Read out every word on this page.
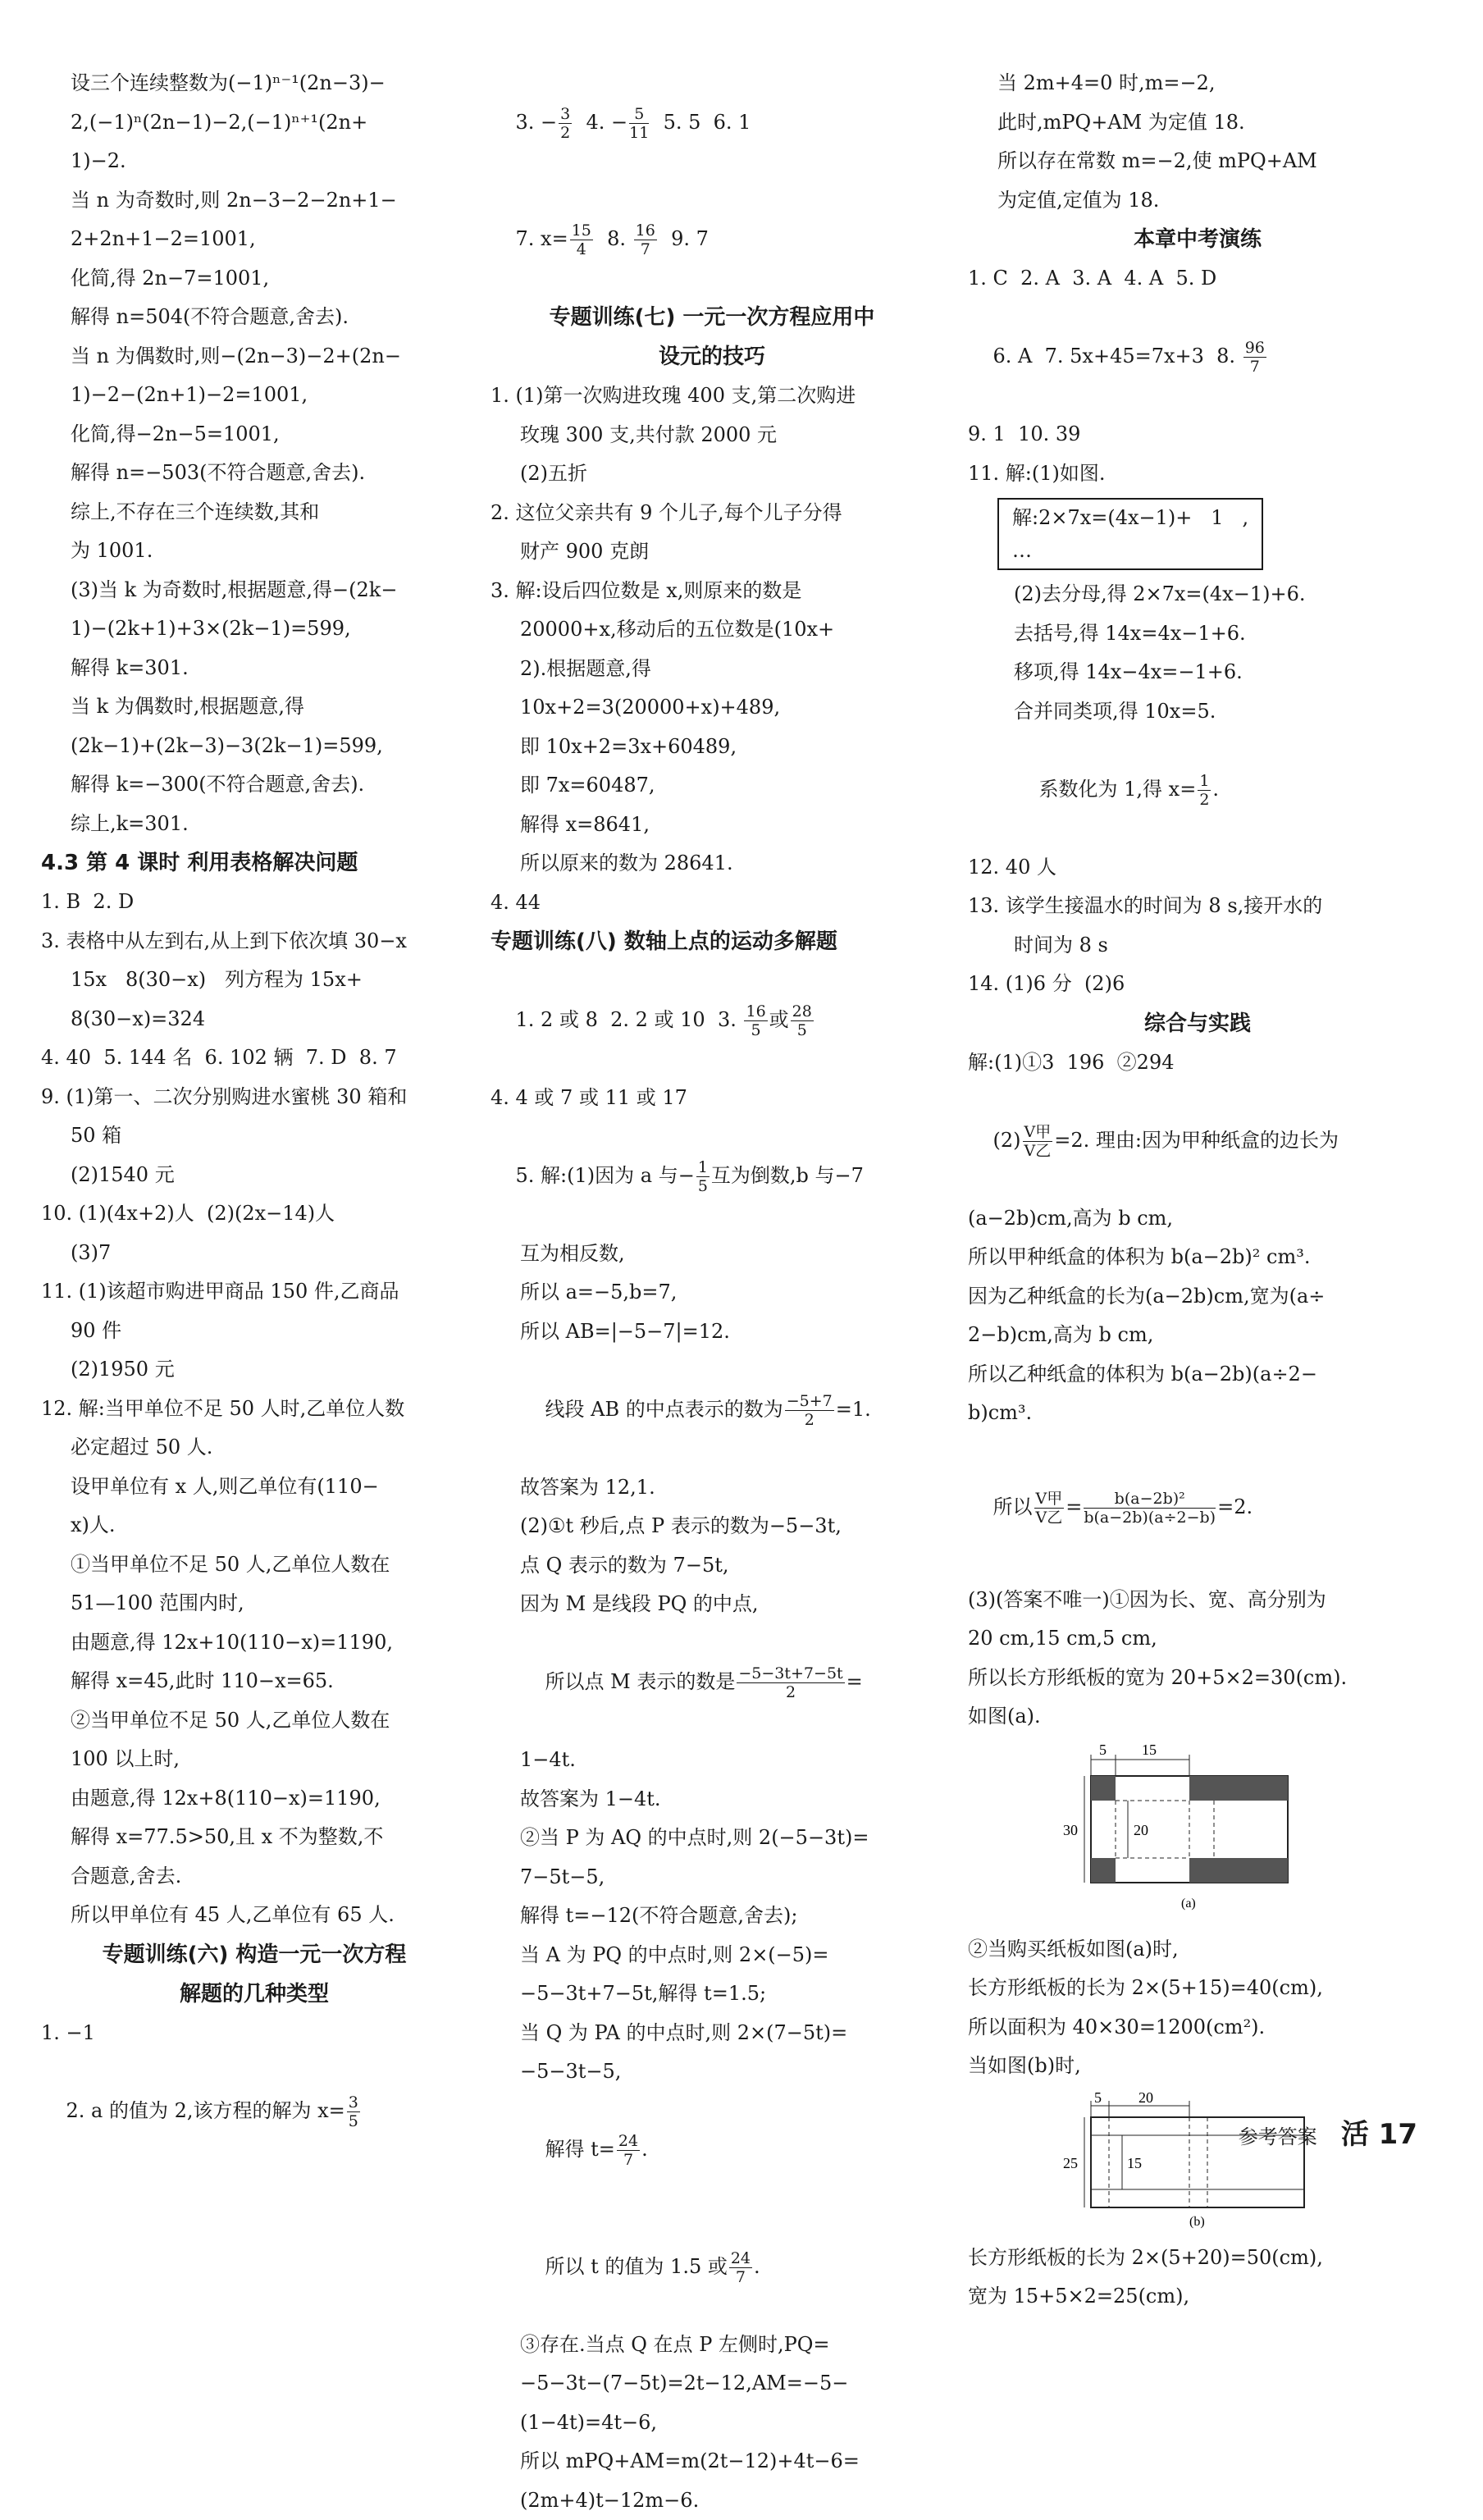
设三个连续整数为(−1)ⁿ⁻¹(2n−3)−
2,(−1)ⁿ(2n−1)−2,(−1)ⁿ⁺¹(2n+
1)−2.
当 n 为奇数时,则 2n−3−2−2n+1−
2+2n+1−2=1001,
化简,得 2n−7=1001,
解得 n=504(不符合题意,舍去).
当 n 为偶数时,则−(2n−3)−2+(2n−
1)−2−(2n+1)−2=1001,
化简,得−2n−5=1001,
解得 n=−503(不符合题意,舍去).
综上,不存在三个连续数,其和
为 1001.
(3)当 k 为奇数时,根据题意,得−(2k−
1)−(2k+1)+3×(2k−1)=599,
解得 k=301.
当 k 为偶数时,根据题意,得
(2k−1)+(2k−3)−3(2k−1)=599,
解得 k=−300(不符合题意,舍去).
综上,k=301.
4.3 第 4 课时 利用表格解决问题
1. B  2. D
3. 表格中从左到右,从上到下依次填 30−x
15x   8(30−x)   列方程为 15x+
8(30−x)=324
4. 40  5. 144 名  6. 102 辆  7. D  8. 7
9. (1)第一、二次分别购进水蜜桃 30 箱和
50 箱
(2)1540 元
10. (1)(4x+2)人  (2)(2x−14)人
(3)7
11. (1)该超市购进甲商品 150 件,乙商品
90 件
(2)1950 元
12. 解:当甲单位不足 50 人时,乙单位人数
必定超过 50 人.
设甲单位有 x 人,则乙单位有(110−
x)人.
①当甲单位不足 50 人,乙单位人数在
51—100 范围内时,
由题意,得 12x+10(110−x)=1190,
解得 x=45,此时 110−x=65.
②当甲单位不足 50 人,乙单位人数在
100 以上时,
由题意,得 12x+8(110−x)=1190,
解得 x=77.5>50,且 x 不为整数,不
合题意,舍去.
所以甲单位有 45 人,乙单位有 65 人.
专题训练(六) 构造一元一次方程
解题的几种类型
1. −1

2. a 的值为 2,该方程的解为 $x= \frac{3}{5}$

3. − $\frac{3}{2} 4$. − $\frac{5}{11} 5$. 5  6. 1

7. $x= \frac{15}{4} 8$. $\frac{16}{7} 9$. 7

专题训练(七) 一元一次方程应用中
设元的技巧
1. (1)第一次购进玫瑰 400 支,第二次购进
玫瑰 300 支,共付款 2000 元
(2)五折
2. 这位父亲共有 9 个儿子,每个儿子分得
财产 900 克朗
3. 解:设后四位数是 x,则原来的数是
20000+x,移动后的五位数是(10x+
2).根据题意,得
10x+2=3(20000+x)+489,
即 10x+2=3x+60489,
即 7x=60487,
解得 x=8641,
所以原来的数为 28641.
4. 44
专题训练(八) 数轴上点的运动多解题

1. 2 或 8  2. 2 或 10  3. $\frac{16}{5}$ 或 $\frac{28}{5}$

4. 4 或 7 或 11 或 17

5. 解:(1)因为 a 与− $\frac{1}{5}$ 互为倒数,b 与−7

互为相反数,
所以 a=−5,b=7,
所以 AB=|−5−7|=12.

线段 AB 的中点表示的数为 $\frac{-5+7}{2} =1$.

故答案为 12,1.
(2)①t 秒后,点 P 表示的数为−5−3t,
点 Q 表示的数为 7−5t,
因为 M 是线段 PQ 的中点,

所以点 M 表示的数是 $\frac{-5-3t+7-5t}{2}$ =

1−4t.
故答案为 1−4t.
②当 P 为 AQ 的中点时,则 2(−5−3t)=
7−5t−5,
解得 t=−12(不符合题意,舍去);
当 A 为 PQ 的中点时,则 2×(−5)=
−5−3t+7−5t,解得 t=1.5;
当 Q 为 PA 的中点时,则 2×(7−5t)=
−5−3t−5,

解得 $t= \frac{24}{7}$ .

所以 t 的值为 1.5 或 $\frac{24}{7}$ .

③存在.当点 Q 在点 P 左侧时,PQ=
−5−3t−(7−5t)=2t−12,AM=−5−
(1−4t)=4t−6,
所以 mPQ+AM=m(2t−12)+4t−6=
(2m+4)t−12m−6.
当 2m+4=0 时,m=−2,
此时,mPQ+AM 为定值 18.
所以存在常数 m=−2,使 mPQ+AM
为定值,定值为 18.
本章中考演练
1. C  2. A  3. A  4. A  5. D

6. A  7. 5x+45=7x+3  8. $\frac{96}{7}$

9. 1  10. 39
11. 解:(1)如图.
解:2×7x=(4x−1)+   1   ,
…
(2)去分母,得 2×7x=(4x−1)+6.
去括号,得 14x=4x−1+6.
移项,得 14x−4x=−1+6.
合并同类项,得 10x=5.

系数化为 1,得 $x= \frac{1}{2}$ .

12. 40 人
13. 该学生接温水的时间为 8 s,接开水的
时间为 8 s
14. (1)6 分  (2)6
综合与实践
解:(1)①3  196  ②294

$(2) \frac{\text{V甲}}{\text{V乙}} =2$. 理由:因为甲种纸盒的边长为

(a−2b)cm,高为 b cm,
所以甲种纸盒的体积为 b(a−2b)² cm³.
因为乙种纸盒的长为(a−2b)cm,宽为(a÷
2−b)cm,高为 b cm,
所以乙种纸盒的体积为 b(a−2b)(a÷2−
b)cm³.

所以 $\frac{\text{V甲}}{\text{V乙}} = \frac{\text{b(a−2b)²}}{b(a-2b)(a\div 2-b)} =2$.

(3)(答案不唯一)①因为长、宽、高分别为
20 cm,15 cm,5 cm,
所以长方形纸板的宽为 20+5×2=30(cm).
如图(a).
5 15
30	20
(a)
②当购买纸板如图(a)时,
长方形纸板的长为 2×(5+15)=40(cm),
所以面积为 40×30=1200(cm²).
当如图(b)时,
5	20
25	15
(b)
长方形纸板的长为 2×(5+20)=50(cm),
宽为 15+5×2=25(cm),
参考答案 活 17
